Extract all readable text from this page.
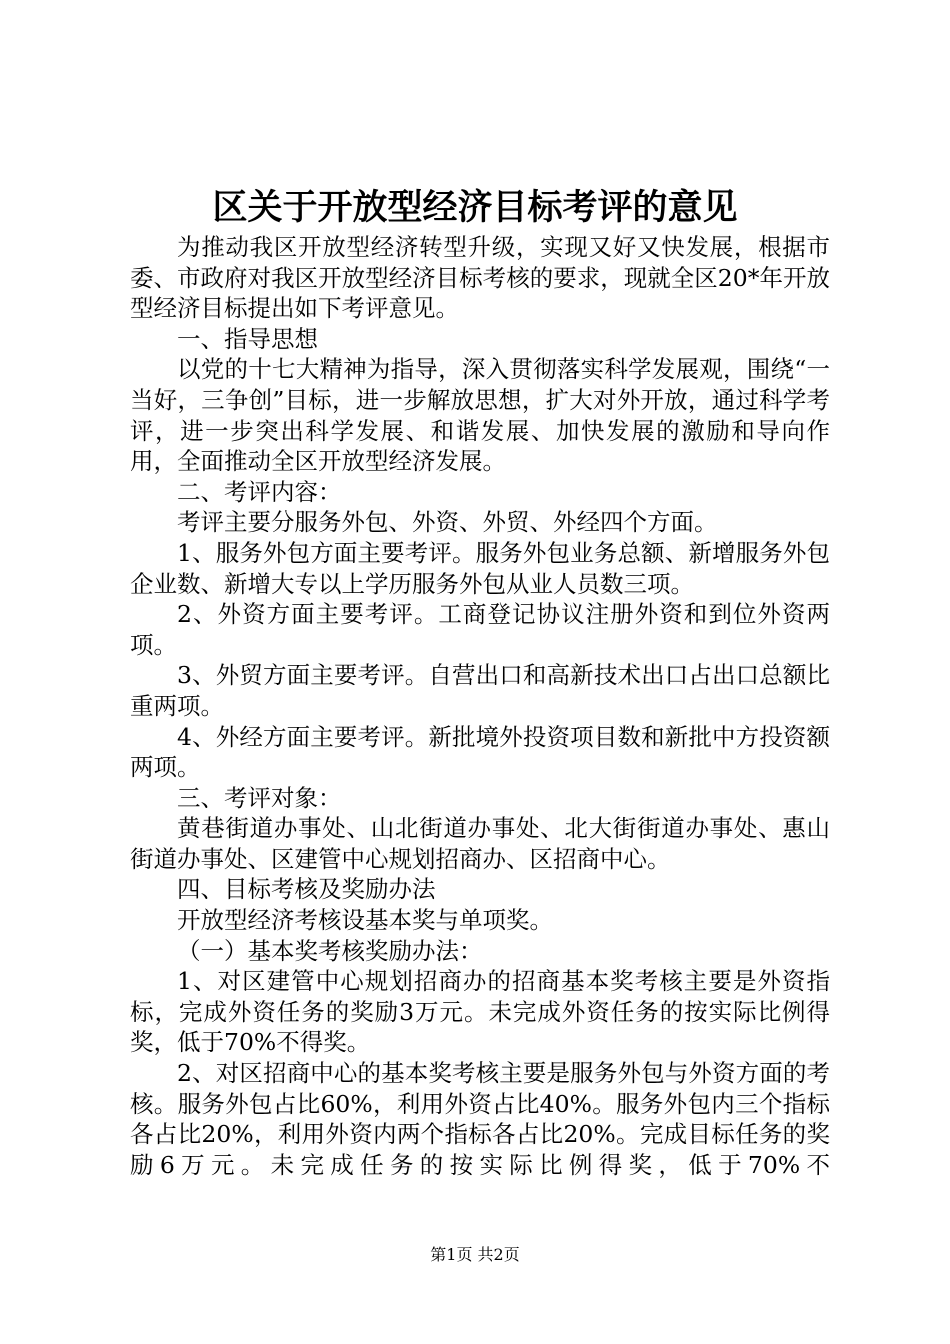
区关于开放型经济目标考评的意见

为推动我区开放型经济转型升级，实现又好又快发展，根据市委、市政府对我区开放型经济目标考核的要求，现就全区20*年开放型经济目标提出如下考评意见。

一、指导思想

以党的十七大精神为指导，深入贯彻落实科学发展观，围绕“一当好，三争创”目标，进一步解放思想，扩大对外开放，通过科学考评，进一步突出科学发展、和谐发展、加快发展的激励和导向作用，全面推动全区开放型经济发展。

二、考评内容：

考评主要分服务外包、外资、外贸、外经四个方面。

1、服务外包方面主要考评。服务外包业务总额、新增服务外包企业数、新增大专以上学历服务外包从业人员数三项。

2、外资方面主要考评。工商登记协议注册外资和到位外资两项。

3、外贸方面主要考评。自营出口和高新技术出口占出口总额比重两项。

4、外经方面主要考评。新批境外投资项目数和新批中方投资额两项。

三、考评对象：

黄巷街道办事处、山北街道办事处、北大街街道办事处、惠山街道办事处、区建管中心规划招商办、区招商中心。

四、目标考核及奖励办法

开放型经济考核设基本奖与单项奖。

（一）基本奖考核奖励办法：

1、对区建管中心规划招商办的招商基本奖考核主要是外资指标，完成外资任务的奖励3万元。未完成外资任务的按实际比例得奖，低于70%不得奖。

2、对区招商中心的基本奖考核主要是服务外包与外资方面的考核。服务外包占比60%，利用外资占比40%。服务外包内三个指标各占比20%，利用外资内两个指标各占比20%。完成目标任务的奖励6万元。未完成任务的按实际比例得奖，低于70%不

第1页 共2页
